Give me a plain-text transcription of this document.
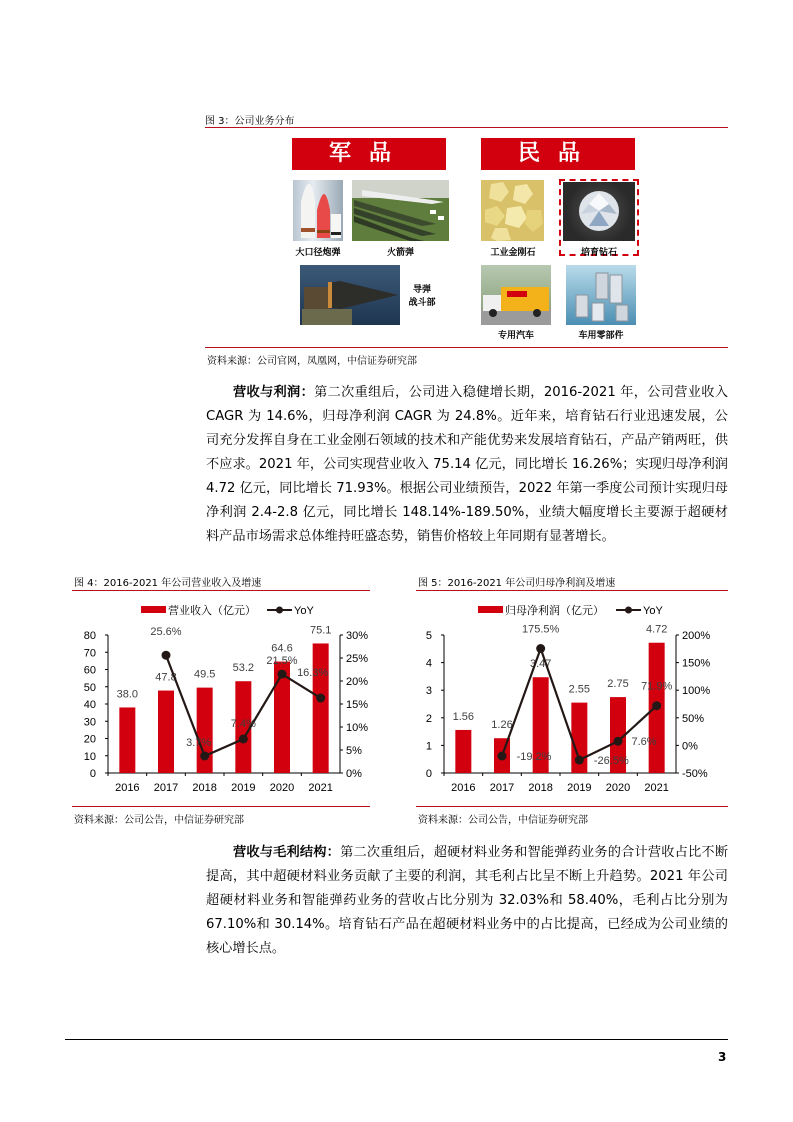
图 3：公司业务分布
军品	民品
大口径炮弹	火箭弹
导弹
战斗部
工业金刚石	培育钻石
专用汽车	车用零部件
资料来源：公司官网，凤凰网，中信证券研究部
营收与利润：第二次重组后，公司进入稳健增长期，2016-2021 年，公司营业收入 CAGR 为 14.6%，归母净利润 CAGR 为 24.8%。近年来，培育钻石行业迅速发展，公司充分发挥自身在工业金刚石领域的技术和产能优势来发展培育钻石，产品产销两旺，供不应求。2021 年，公司实现营业收入 75.14 亿元，同比增长 16.26%；实现归母净利润 4.72 亿元，同比增长 71.93%。根据公司业绩预告，2022 年第一季度公司预计实现归母净利润 2.4-2.8 亿元，同比增长 148.14%-189.50%，业绩大幅度增长主要源于超硬材料产品市场需求总体维持旺盛态势，销售价格较上年同期有显著增长。
图 4：2016-2021 年公司营业收入及增速
营业收入（亿元）	YoY
0
10
20
30
40
50
60
70
80
0%
5%
10%
15%
20%
25%
30%
38.0
47.8 49.5
53.2
64.6
75.1
25.6%
3.7%
7.4%
21.5%
16.3%
2016 2017 2018 2019 2020 2021
资料来源：公司公告，中信证券研究部
图 5：2016-2021 年公司归母净利润及增速
归母净利润（亿元）	YoY
0
1
2
3
4
5
-50%
0%
50%
100%
150%
200%
1.56
1.26
3.47
2.55 2.75
4.72
-19.2%
175.5%
-26.5%
7.6%
71.9%
2016 2017 2018 2019 2020 2021
资料来源：公司公告，中信证券研究部
营收与毛利结构：第二次重组后，超硬材料业务和智能弹药业务的合计营收占比不断提高，其中超硬材料业务贡献了主要的利润，其毛利占比呈不断上升趋势。2021 年公司超硬材料业务和智能弹药业务的营收占比分别为 32.03%和 58.40%，毛利占比分别为 67.10%和 30.14%。培育钻石产品在超硬材料业务中的占比提高，已经成为公司业绩的核心增长点。
3
